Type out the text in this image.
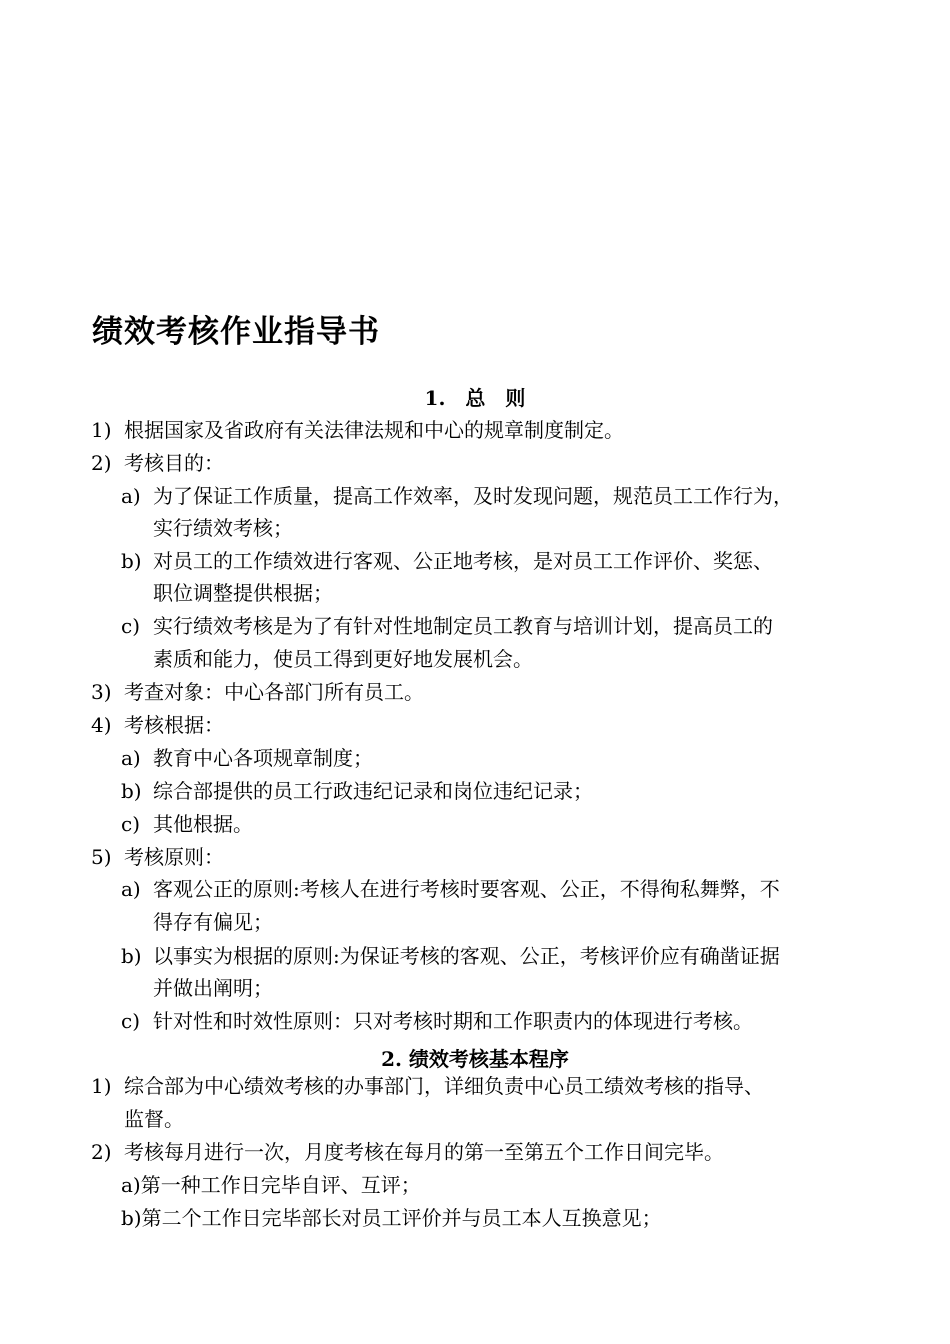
绩效考核作业指导书
1.　总　则
1) 根据国家及省政府有关法律法规和中心的规章制度制定。
2) 考核目的：
a) 为了保证工作质量，提高工作效率，及时发现问题，规范员工工作行为，
实行绩效考核；
b) 对员工的工作绩效进行客观、公正地考核，是对员工工作评价、奖惩、
职位调整提供根据；
c) 实行绩效考核是为了有针对性地制定员工教育与培训计划，提高员工的
素质和能力，使员工得到更好地发展机会。
3) 考查对象：中心各部门所有员工。
4) 考核根据：
a) 教育中心各项规章制度；
b) 综合部提供的员工行政违纪记录和岗位违纪记录；
c) 其他根据。
5) 考核原则：
a) 客观公正的原则:考核人在进行考核时要客观、公正，不得徇私舞弊，不
得存有偏见；
b) 以事实为根据的原则:为保证考核的客观、公正，考核评价应有确凿证据
并做出阐明；
c) 针对性和时效性原则：只对考核时期和工作职责内的体现进行考核。
2. 绩效考核基本程序
1) 综合部为中心绩效考核的办事部门，详细负责中心员工绩效考核的指导、
监督。
2) 考核每月进行一次，月度考核在每月的第一至第五个工作日间完毕。
a)第一种工作日完毕自评、互评；
b)第二个工作日完毕部长对员工评价并与员工本人互换意见；
